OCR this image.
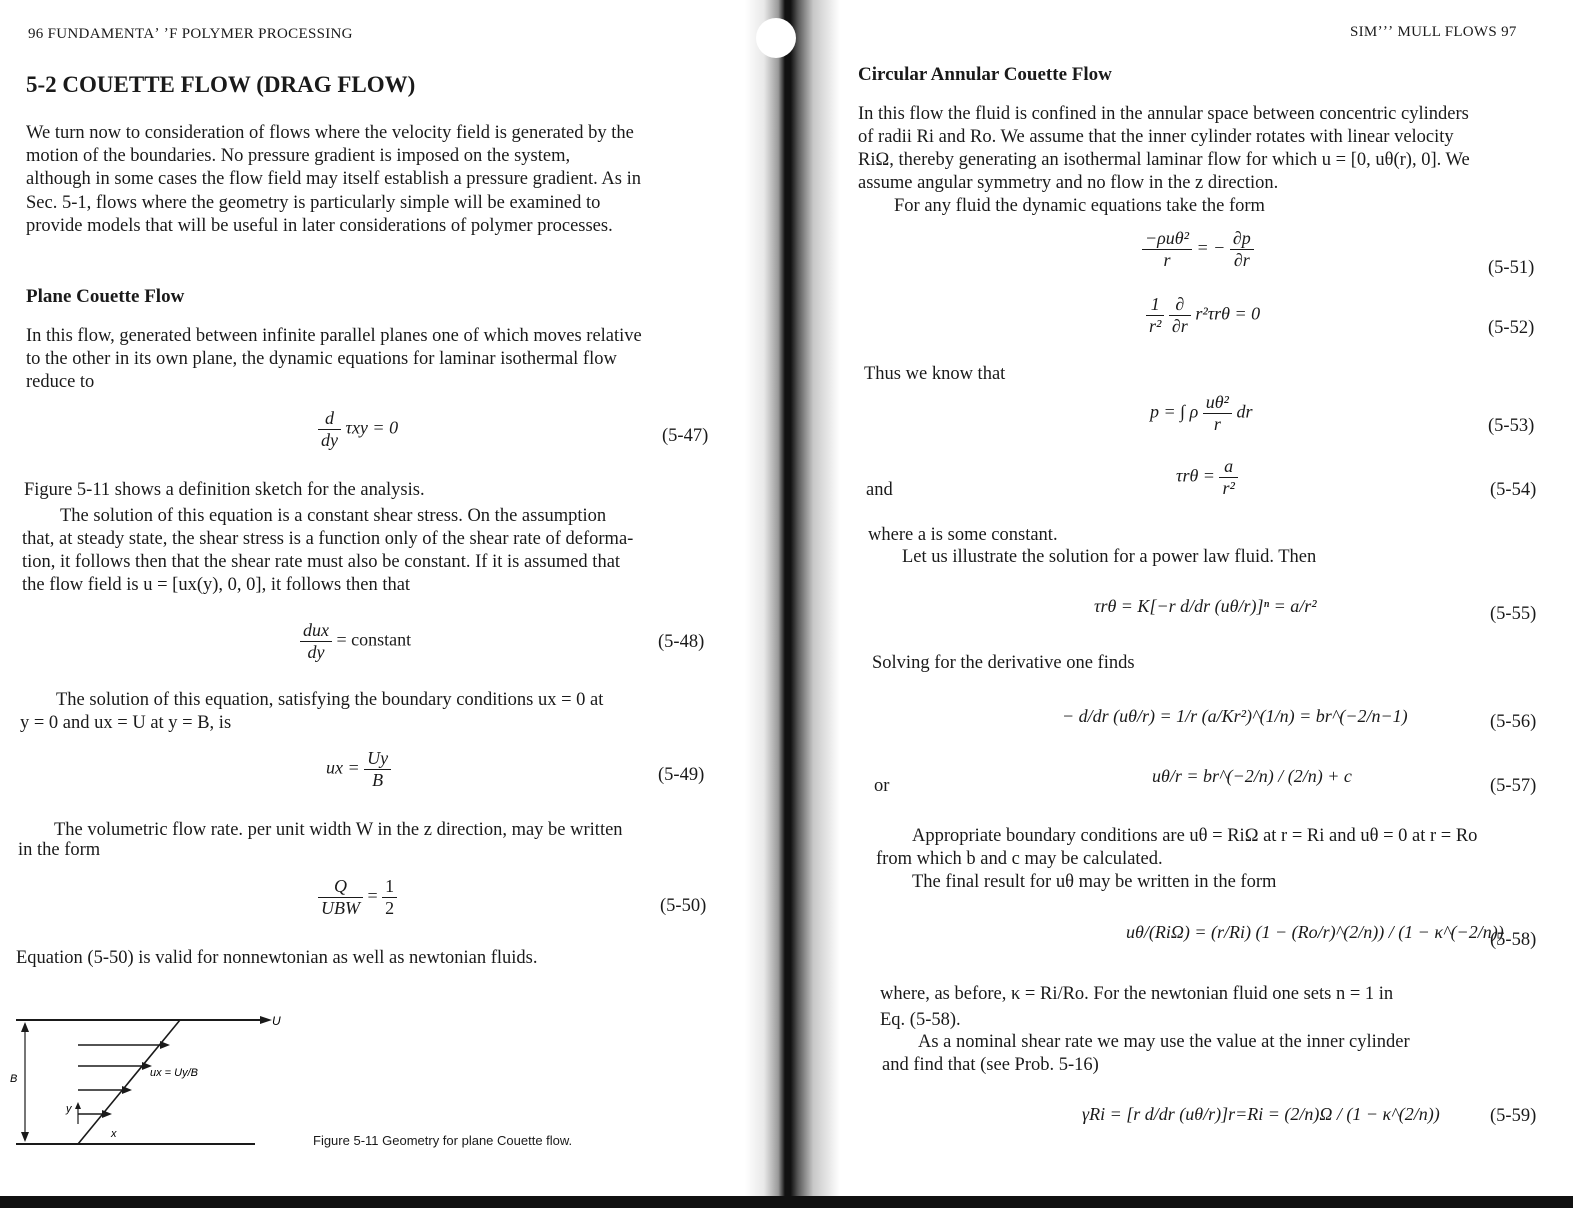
96 FUNDAMENTAʼ ʼF POLYMER PROCESSING
5-2 COUETTE FLOW (DRAG FLOW)
We turn now to consideration of flows where the velocity field is generated by the
motion of the boundaries. No pressure gradient is imposed on the system,
although in some cases the flow field may itself establish a pressure gradient. As in
Sec. 5-1, flows where the geometry is particularly simple will be examined to
provide models that will be useful in later considerations of polymer processes.
Plane Couette Flow
In this flow, generated between infinite parallel planes one of which moves relative
to the other in its own plane, the dynamic equations for laminar isothermal flow
reduce to
$\frac{d}{dy}$ τxy = 0	(5-47)
Figure 5-11 shows a definition sketch for the analysis.
The solution of this equation is a constant shear stress. On the assumption
that, at steady state, the shear stress is a function only of the shear rate of deforma-
tion, it follows then that the shear rate must also be constant. If it is assumed that
the flow field is u = [ux(y), 0, 0], it follows then that
$\frac{\text{dux}}{dy}$ = constant	(5-48)
The solution of this equation, satisfying the boundary conditions ux = 0 at
y = 0 and ux = U at y = B, is
ux = $\frac{Uy}{B}$	(5-49)
The volumetric flow rate. per unit width W in the z direction, may be written
in the form
$\frac{Q}{\text{UBW}} = \frac{1}{2}$	(5-50)
Equation (5-50) is valid for nonnewtonian as well as newtonian fluids.
U
B
y
x
ux = Uy/B
Figure 5-11 Geometry for plane Couette flow.
SIMʼʼʼ MULL FLOWS 97
Circular Annular Couette Flow
In this flow the fluid is confined in the annular space between concentric cylinders
of radii Ri and Ro. We assume that the inner cylinder rotates with linear velocity
RiΩ, thereby generating an isothermal laminar flow for which u = [0, uθ(r), 0]. We
assume angular symmetry and no flow in the z direction.
For any fluid the dynamic equations take the form
$\frac{\text{−ρuθ²}}{r}$ = − $\frac{\partial p}{\partial r}$	(5-51)
$\frac{1}{\text{r²}}$
$\frac{\partial}{\partial r} r^2\tau r\theta = 0$
(5-52)
Thus we know that
p = ∫ ρ $\frac{\text{uθ²}}{r}$ dr
(5-53)
and
$\tau r\theta = \frac{a}{\text{r²}}$	(5-54)
where a is some constant.
Let us illustrate the solution for a power law fluid. Then
τrθ = K[−r d/dr (uθ/r)]ⁿ = a/r²	(5-55)
Solving for the derivative one finds
− d/dr (uθ/r) = 1/r (a/Kr²)^(1/n) = br^(−2/n−1)	(5-56)
or	uθ/r = br^(−2/n) / (2/n) + c	(5-57)
Appropriate boundary conditions are uθ = RiΩ at r = Ri and uθ = 0 at r = Ro
from which b and c may be calculated.
The final result for uθ may be written in the form
uθ/(RiΩ) = (r/Ri) (1 − (Ro/r)^(2/n)) / (1 − κ^(−2/n))
(5-58)
where, as before, κ = Ri/Ro. For the newtonian fluid one sets n = 1 in
Eq. (5-58).
As a nominal shear rate we may use the value at the inner cylinder
and find that (see Prob. 5-16)
γ̇Ri = [r d/dr (uθ/r)]r=Ri = (2/n)Ω / (1 − κ^(2/n))	(5-59)
